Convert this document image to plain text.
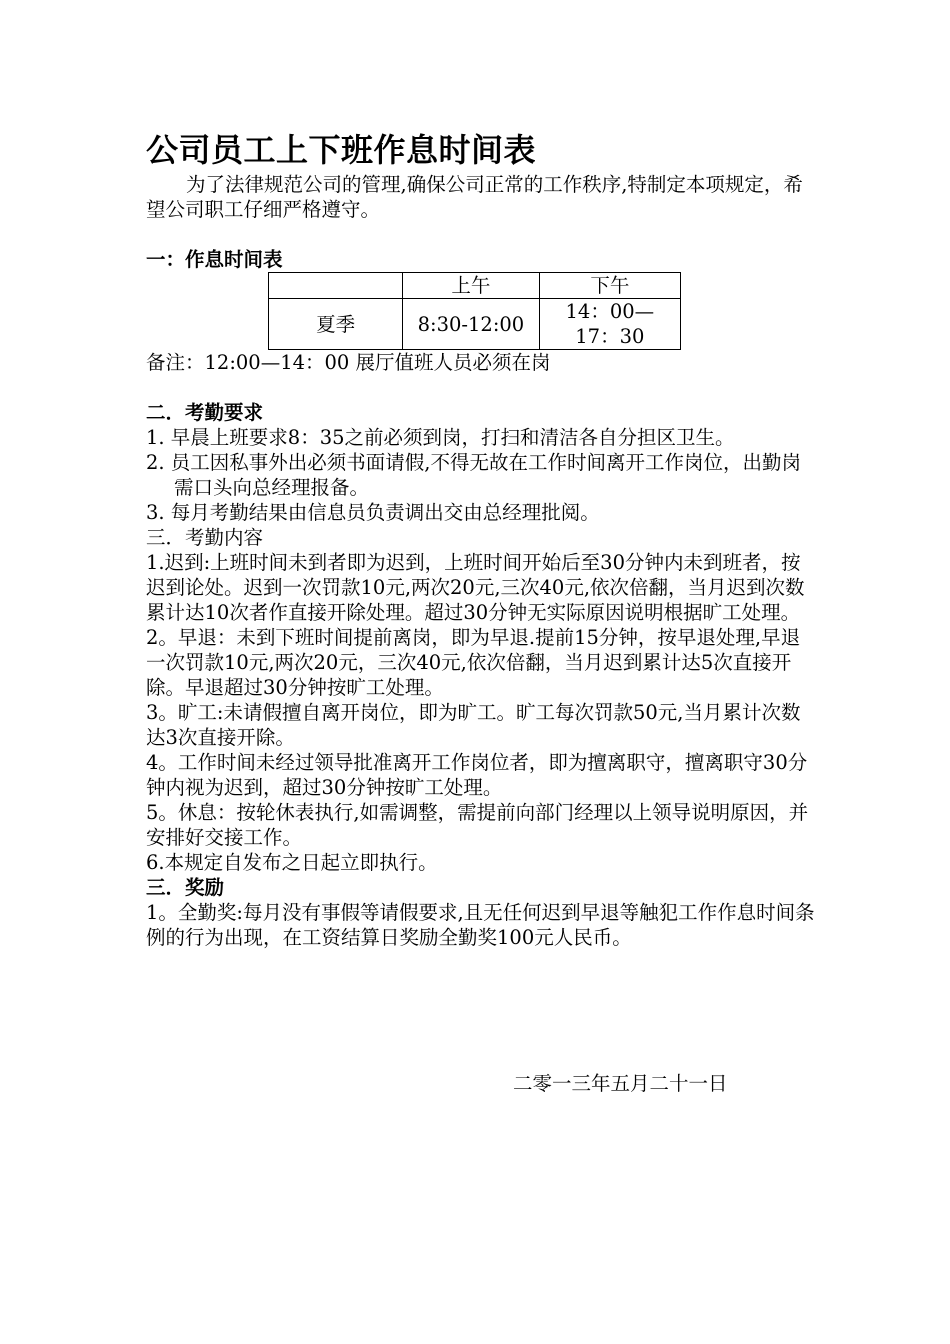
公司员工上下班作息时间表

为了法律规范公司的管理,确保公司正常的工作秩序,特制定本项规定，希望公司职工仔细严格遵守。

一：作息时间表

	上午	下午
夏季	8:30-12:00	14：00—
17：30

备注：12:00—14：00 展厅值班人员必须在岗

二．考勤要求

1. 早晨上班要求8：35之前必须到岗，打扫和清洁各自分担区卫生。

2. 员工因私事外出必须书面请假,不得无故在工作时间离开工作岗位，出勤岗需口头向总经理报备。

3. 每月考勤结果由信息员负责调出交由总经理批阅。

三．考勤内容

1.迟到:上班时间未到者即为迟到，上班时间开始后至30分钟内未到班者，按迟到论处。迟到一次罚款10元,两次20元,三次40元,依次倍翻，当月迟到次数累计达10次者作直接开除处理。超过30分钟无实际原因说明根据旷工处理。

2。早退：未到下班时间提前离岗，即为早退.提前15分钟，按早退处理,早退一次罚款10元,两次20元，三次40元,依次倍翻，当月迟到累计达5次直接开除。早退超过30分钟按旷工处理。

3。旷工:未请假擅自离开岗位，即为旷工。旷工每次罚款50元,当月累计次数达3次直接开除。

4。工作时间未经过领导批准离开工作岗位者，即为擅离职守，擅离职守30分钟内视为迟到，超过30分钟按旷工处理。

5。休息：按轮休表执行,如需调整，需提前向部门经理以上领导说明原因，并安排好交接工作。

6.本规定自发布之日起立即执行。

三．奖励

1。全勤奖:每月没有事假等请假要求,且无任何迟到早退等触犯工作作息时间条例的行为出现，在工资结算日奖励全勤奖100元人民币。

二零一三年五月二十一日
